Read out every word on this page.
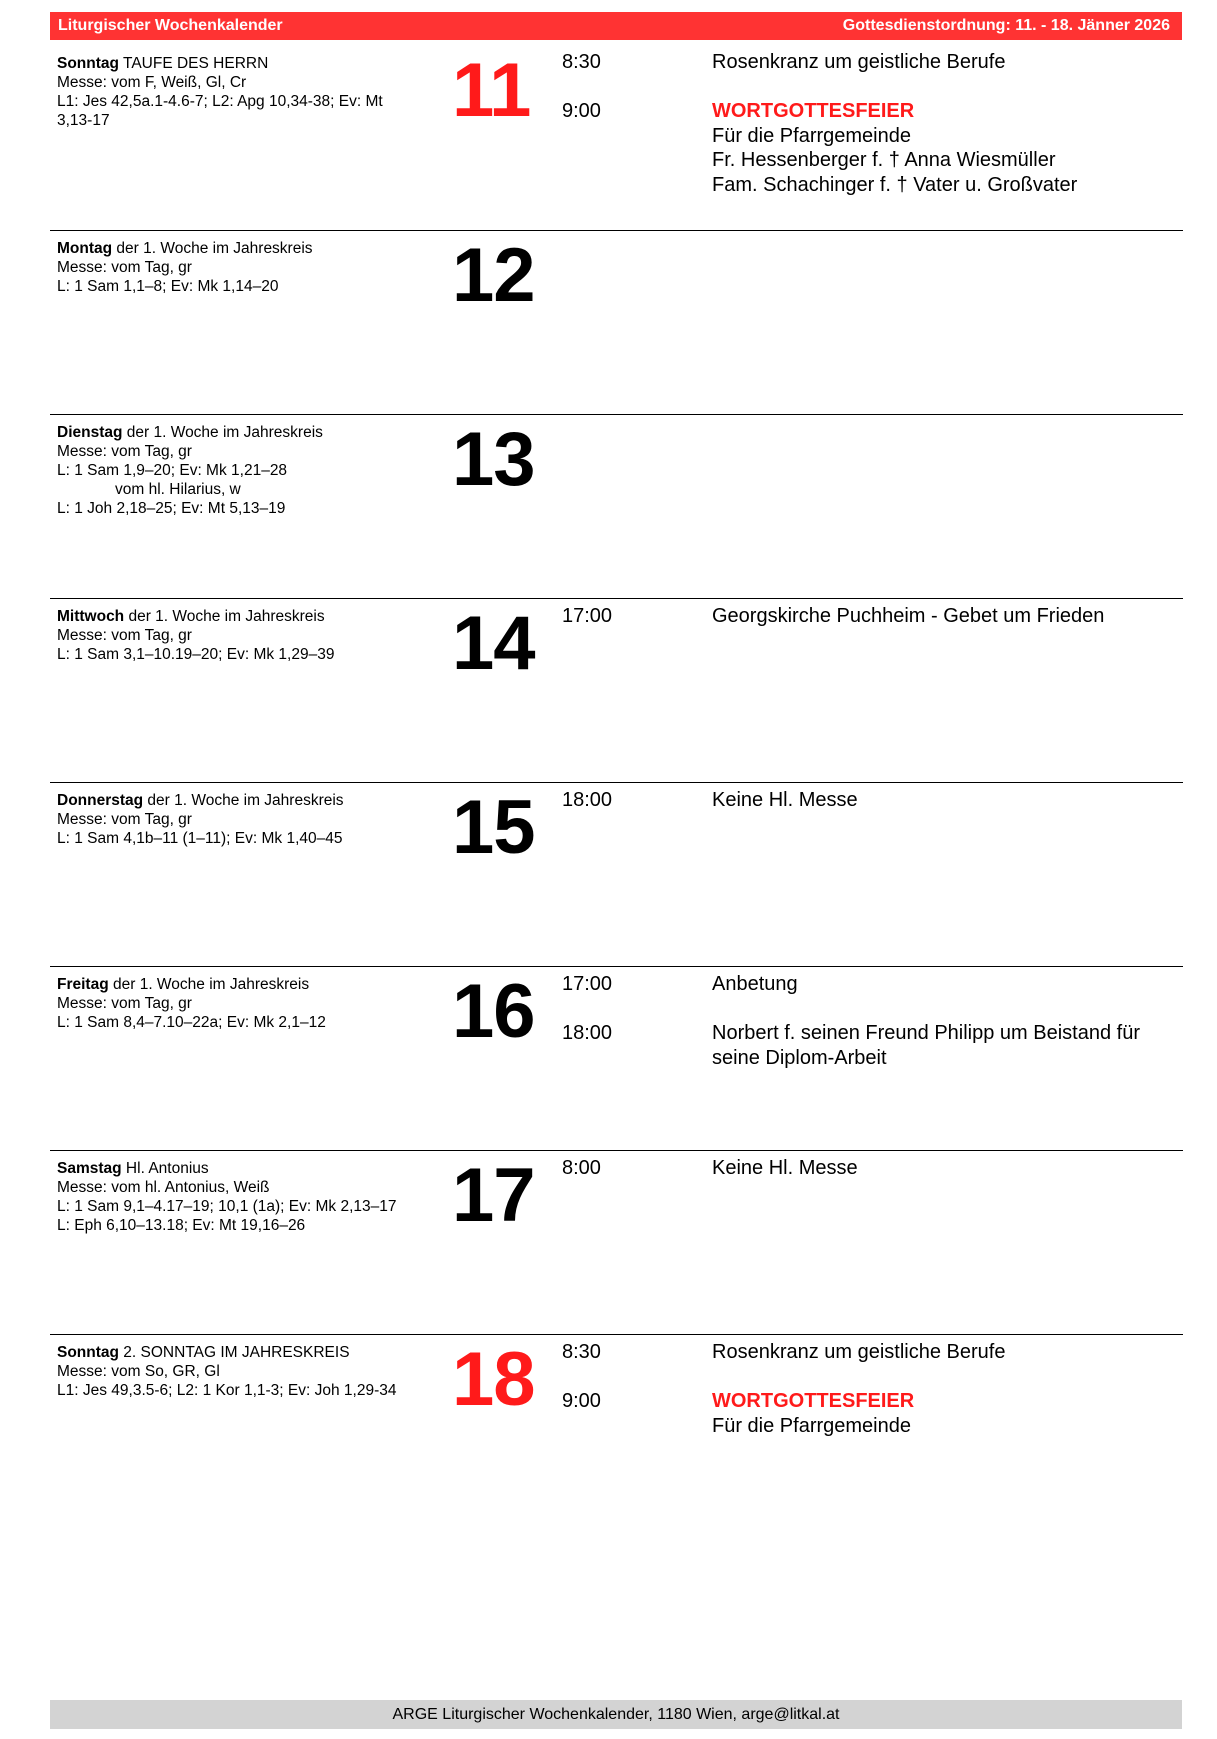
Liturgischer Wochenkalender	Gottesdienstordnung: 11. - 18. Jänner 2026
Sonntag TAUFE DES HERRN
Messe: vom F, Weiß, Gl, Cr
L1: Jes 42,5a.1-4.6-7; L2: Apg 10,34-38; Ev: Mt
3,13-17	11 8:30	Rosenkranz um geistliche Berufe
9:00	WORTGOTTESFEIER
Für die Pfarrgemeinde
Fr. Hessenberger f. † Anna Wiesmüller
Fam. Schachinger f. † Vater u. Großvater
Montag der 1. Woche im Jahreskreis
Messe: vom Tag, gr
L: 1 Sam 1,1–8; Ev: Mk 1,14–20	12
Dienstag der 1. Woche im Jahreskreis
Messe: vom Tag, gr
L: 1 Sam 1,9–20; Ev: Mk 1,21–28
vom hl. Hilarius, w
L: 1 Joh 2,18–25; Ev: Mt 5,13–19
13
Mittwoch der 1. Woche im Jahreskreis
Messe: vom Tag, gr
L: 1 Sam 3,1–10.19–20; Ev: Mk 1,29–39	14 17:00	Georgskirche Puchheim - Gebet um Frieden
Donnerstag der 1. Woche im Jahreskreis
Messe: vom Tag, gr
L: 1 Sam 4,1b–11 (1–11); Ev: Mk 1,40–45	15 18:00	Keine Hl. Messe
Freitag der 1. Woche im Jahreskreis
Messe: vom Tag, gr
L: 1 Sam 8,4–7.10–22a; Ev: Mk 2,1–12	16 17:00	Anbetung
18:00	Norbert f. seinen Freund Philipp um Beistand für
seine Diplom-Arbeit
Samstag Hl. Antonius
Messe: vom hl. Antonius, Weiß
L: 1 Sam 9,1–4.17–19; 10,1 (1a); Ev: Mk 2,13–17
L: Eph 6,10–13.18; Ev: Mt 19,16–26	17 8:00	Keine Hl. Messe
Sonntag 2. SONNTAG IM JAHRESKREIS
Messe: vom So, GR, Gl
L1: Jes 49,3.5-6; L2: 1 Kor 1,1-3; Ev: Joh 1,29-34 18 8:30	Rosenkranz um geistliche Berufe
9:00	WORTGOTTESFEIER
Für die Pfarrgemeinde
ARGE Liturgischer Wochenkalender, 1180 Wien, arge@litkal.at
